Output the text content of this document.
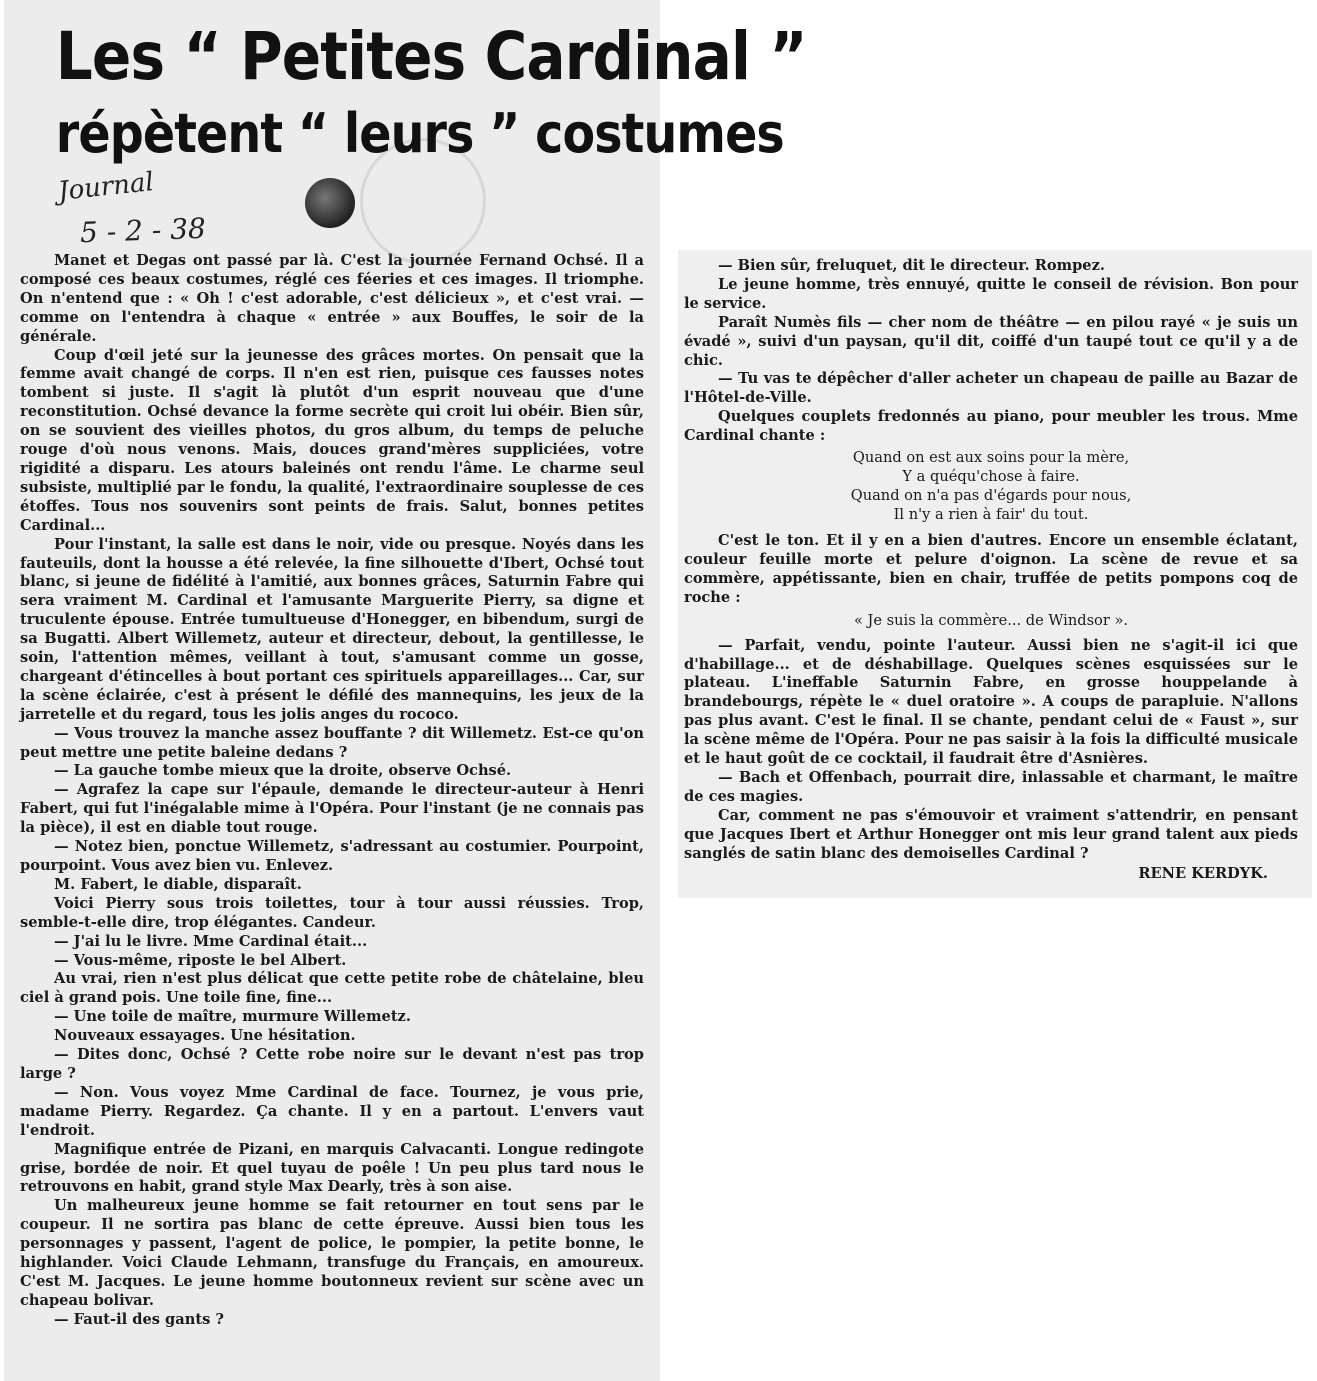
Les “ Petites Cardinal ”
répètent “ leurs ” costumes
Journal
5 - 2 - 38

Manet et Degas ont passé par là. C'est la journée Fernand Ochsé. Il a composé ces beaux costumes, réglé ces féeries et ces images. Il triomphe. On n'entend que : « Oh ! c'est adorable, c'est délicieux », et c'est vrai. — comme on l'entendra à chaque « entrée » aux Bouffes, le soir de la générale.

Coup d'œil jeté sur la jeunesse des grâces mortes. On pensait que la femme avait changé de corps. Il n'en est rien, puisque ces fausses notes tombent si juste. Il s'agit là plutôt d'un esprit nouveau que d'une reconstitution. Ochsé devance la forme secrète qui croit lui obéir. Bien sûr, on se souvient des vieilles photos, du gros album, du temps de peluche rouge d'où nous venons. Mais, douces grand'mères suppliciées, votre rigidité a disparu. Les atours baleinés ont rendu l'âme. Le charme seul subsiste, multiplié par le fondu, la qualité, l'extraordinaire souplesse de ces étoffes. Tous nos souvenirs sont peints de frais. Salut, bonnes petites Cardinal...

Pour l'instant, la salle est dans le noir, vide ou presque. Noyés dans les fauteuils, dont la housse a été relevée, la fine silhouette d'Ibert, Ochsé tout blanc, si jeune de fidélité à l'amitié, aux bonnes grâces, Saturnin Fabre qui sera vraiment M. Cardinal et l'amusante Marguerite Pierry, sa digne et truculente épouse. Entrée tumultueuse d'Honegger, en bibendum, surgi de sa Bugatti. Albert Willemetz, auteur et directeur, debout, la gentillesse, le soin, l'attention mêmes, veillant à tout, s'amusant comme un gosse, chargeant d'étincelles à bout portant ces spirituels appareillages... Car, sur la scène éclairée, c'est à présent le défilé des mannequins, les jeux de la jarretelle et du regard, tous les jolis anges du rococo.

— Vous trouvez la manche assez bouffante ? dit Willemetz. Est-ce qu'on peut mettre une petite baleine dedans ?

— La gauche tombe mieux que la droite, observe Ochsé.

— Agrafez la cape sur l'épaule, demande le directeur-auteur à Henri Fabert, qui fut l'inégalable mime à l'Opéra. Pour l'instant (je ne connais pas la pièce), il est en diable tout rouge.

— Notez bien, ponctue Willemetz, s'adressant au costumier. Pourpoint, pourpoint. Vous avez bien vu. Enlevez.

M. Fabert, le diable, disparaît.

Voici Pierry sous trois toilettes, tour à tour aussi réussies. Trop, semble-t-elle dire, trop élégantes. Candeur.

— J'ai lu le livre. Mme Cardinal était...

— Vous-même, riposte le bel Albert.

Au vrai, rien n'est plus délicat que cette petite robe de châtelaine, bleu ciel à grand pois. Une toile fine, fine...

— Une toile de maître, murmure Willemetz.

Nouveaux essayages. Une hésitation.

— Dites donc, Ochsé ? Cette robe noire sur le devant n'est pas trop large ?

— Non. Vous voyez Mme Cardinal de face. Tournez, je vous prie, madame Pierry. Regardez. Ça chante. Il y en a partout. L'envers vaut l'endroit.

Magnifique entrée de Pizani, en marquis Calvacanti. Longue redingote grise, bordée de noir. Et quel tuyau de poêle ! Un peu plus tard nous le retrouvons en habit, grand style Max Dearly, très à son aise.

Un malheureux jeune homme se fait retourner en tout sens par le coupeur. Il ne sortira pas blanc de cette épreuve. Aussi bien tous les personnages y passent, l'agent de police, le pompier, la petite bonne, le highlander. Voici Claude Lehmann, transfuge du Français, en amoureux. C'est M. Jacques. Le jeune homme boutonneux revient sur scène avec un chapeau bolivar.

— Faut-il des gants ?

— Bien sûr, freluquet, dit le directeur. Rompez.

Le jeune homme, très ennuyé, quitte le conseil de révision. Bon pour le service.

Paraît Numès fils — cher nom de théâtre — en pilou rayé « je suis un évadé », suivi d'un paysan, qu'il dit, coiffé d'un taupé tout ce qu'il y a de chic.

— Tu vas te dépêcher d'aller acheter un chapeau de paille au Bazar de l'Hôtel-de-Ville.

Quelques couplets fredonnés au piano, pour meubler les trous. Mme Cardinal chante :

Quand on est aux soins pour la mère,
Y a quéqu'chose à faire.
Quand on n'a pas d'égards pour nous,
Il n'y a rien à fair' du tout.

C'est le ton. Et il y en a bien d'autres. Encore un ensemble éclatant, couleur feuille morte et pelure d'oignon. La scène de revue et sa commère, appétissante, bien en chair, truffée de petits pompons coq de roche :

« Je suis la commère... de Windsor ».

— Parfait, vendu, pointe l'auteur. Aussi bien ne s'agit-il ici que d'habillage... et de déshabillage. Quelques scènes esquissées sur le plateau. L'ineffable Saturnin Fabre, en grosse houppelande à brandebourgs, répète le « duel oratoire ». A coups de parapluie. N'allons pas plus avant. C'est le final. Il se chante, pendant celui de « Faust », sur la scène même de l'Opéra. Pour ne pas saisir à la fois la difficulté musicale et le haut goût de ce cocktail, il faudrait être d'Asnières.

— Bach et Offenbach, pourrait dire, inlassable et charmant, le maître de ces magies.

Car, comment ne pas s'émouvoir et vraiment s'attendrir, en pensant que Jacques Ibert et Arthur Honegger ont mis leur grand talent aux pieds sanglés de satin blanc des demoiselles Cardinal ?

RENE KERDYK.
